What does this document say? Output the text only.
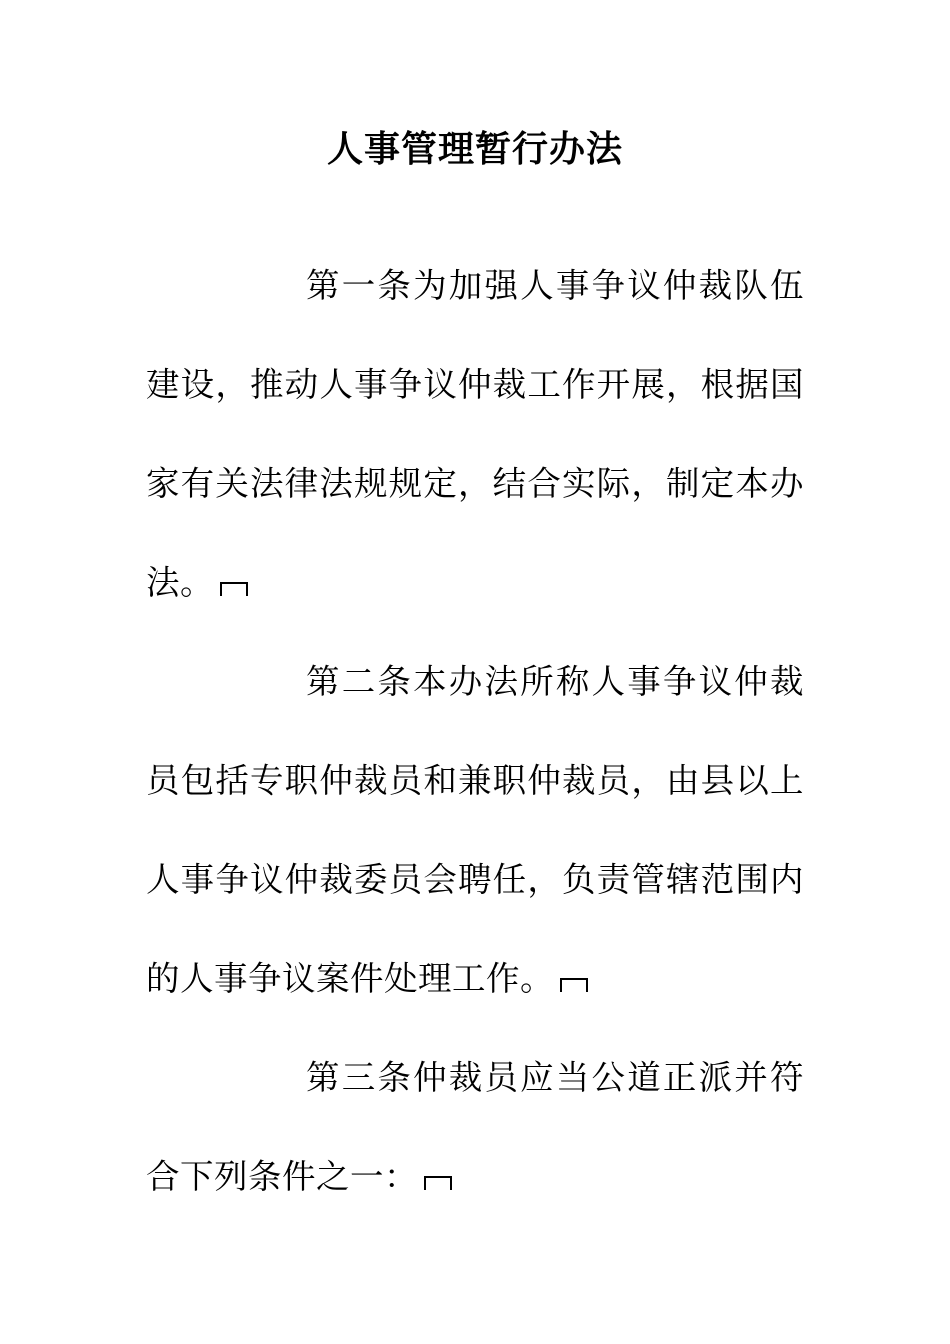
人事管理暂行办法

第一条为加强人事争议仲裁队伍建设，推动人事争议仲裁工作开展，根据国家有关法律法规规定，结合实际，制定本办法。

第二条本办法所称人事争议仲裁员包括专职仲裁员和兼职仲裁员，由县以上人事争议仲裁委员会聘任，负责管辖范围内的人事争议案件处理工作。

第三条仲裁员应当公道正派并符合下列条件之一：
